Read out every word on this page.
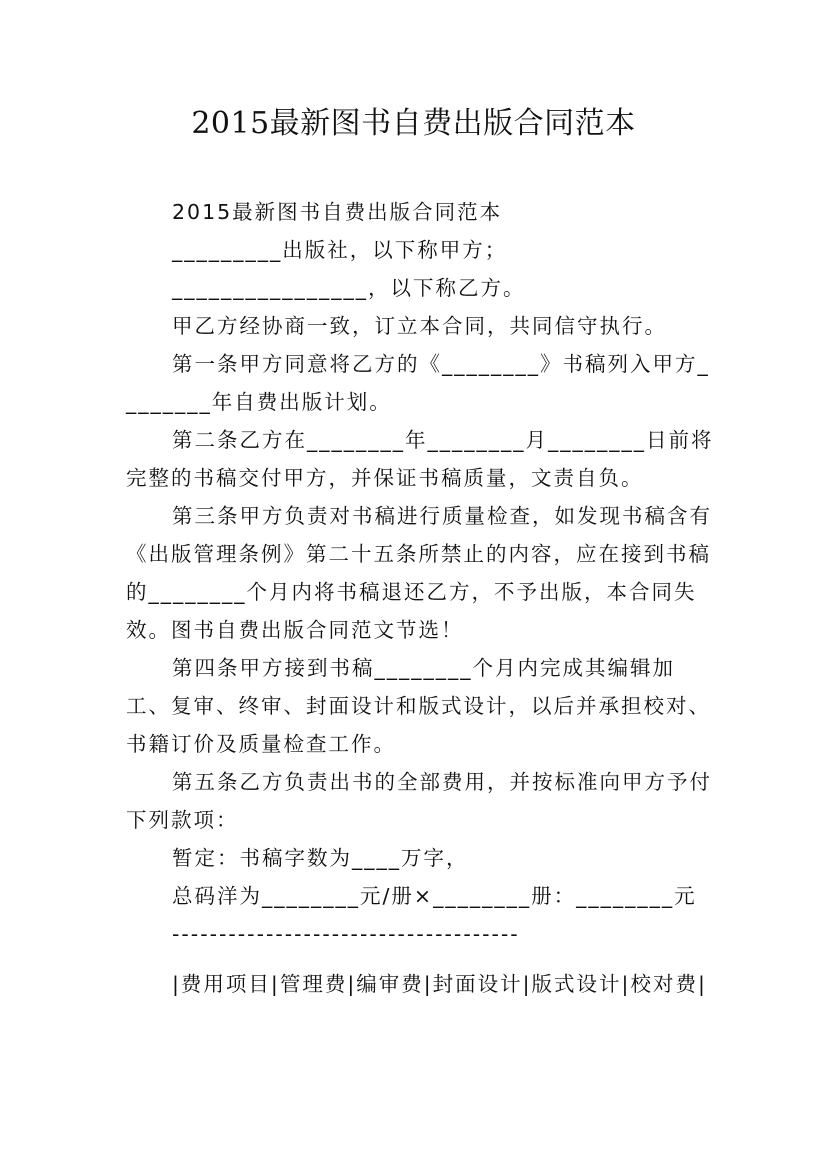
2015最新图书自费出版合同范本

2015最新图书自费出版合同范本

_________出版社，以下称甲方；

________________，以下称乙方。

甲乙方经协商一致，订立本合同，共同信守执行。

第一条甲方同意将乙方的《________》书稿列入甲方________年自费出版计划。

第二条乙方在________年________月________日前将完整的书稿交付甲方，并保证书稿质量，文责自负。

第三条甲方负责对书稿进行质量检查，如发现书稿含有《出版管理条例》第二十五条所禁止的内容，应在接到书稿的________个月内将书稿退还乙方，不予出版，本合同失效。图书自费出版合同范文节选！

第四条甲方接到书稿________个月内完成其编辑加工、复审、终审、封面设计和版式设计，以后并承担校对、书籍订价及质量检查工作。

第五条乙方负责出书的全部费用，并按标准向甲方予付下列款项：

暂定：书稿字数为____万字，

总码洋为________元/册×________册：________元

-------------------------------------

|费用项目|管理费|编审费|封面设计|版式设计|校对费|
